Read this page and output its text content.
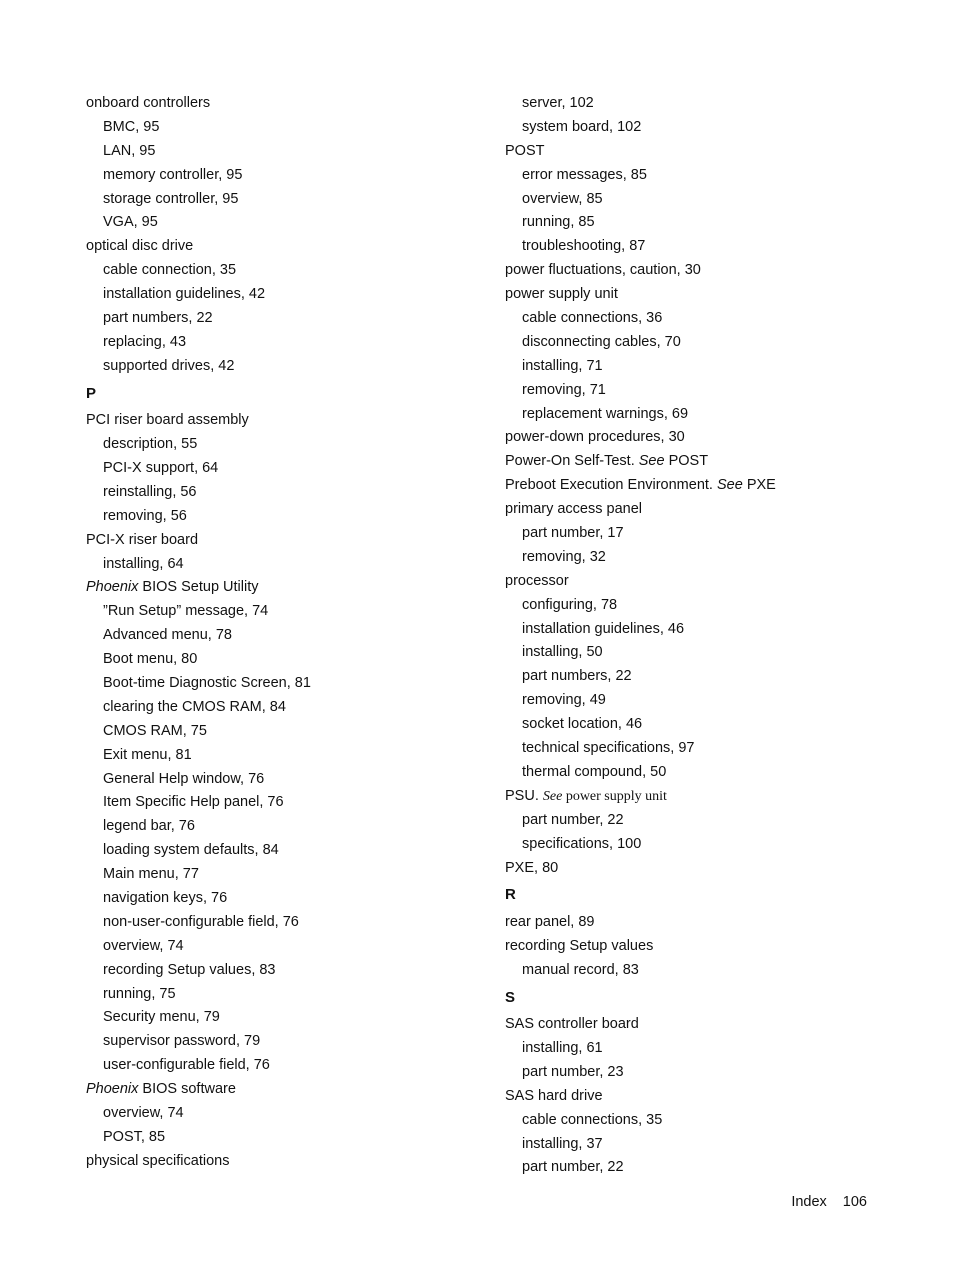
onboard controllers
BMC, 95
LAN, 95
memory controller, 95
storage controller, 95
VGA, 95
optical disc drive
cable connection, 35
installation guidelines, 42
part numbers, 22
replacing, 43
supported drives, 42
P
PCI riser board assembly
description, 55
PCI-X support, 64
reinstalling, 56
removing, 56
PCI-X riser board
installing, 64
Phoenix BIOS Setup Utility
”Run Setup” message, 74
Advanced menu, 78
Boot menu, 80
Boot-time Diagnostic Screen, 81
clearing the CMOS RAM, 84
CMOS RAM, 75
Exit menu, 81
General Help window, 76
Item Specific Help panel, 76
legend bar, 76
loading system defaults, 84
Main menu, 77
navigation keys, 76
non-user-configurable field, 76
overview, 74
recording Setup values, 83
running, 75
Security menu, 79
supervisor password, 79
user-configurable field, 76
Phoenix BIOS software
overview, 74
POST, 85
physical specifications
server, 102
system board, 102
POST
error messages, 85
overview, 85
running, 85
troubleshooting, 87
power fluctuations, caution, 30
power supply unit
cable connections, 36
disconnecting cables, 70
installing, 71
removing, 71
replacement warnings, 69
power-down procedures, 30
Power-On Self-Test. See POST
Preboot Execution Environment. See PXE
primary access panel
part number, 17
removing, 32
processor
configuring, 78
installation guidelines, 46
installing, 50
part numbers, 22
removing, 49
socket location, 46
technical specifications, 97
thermal compound, 50
PSU. See power supply unit
part number, 22
specifications, 100
PXE, 80
R
rear panel, 89
recording Setup values
manual record, 83
S
SAS controller board
installing, 61
part number, 23
SAS hard drive
cable connections, 35
installing, 37
part number, 22
Index 106
